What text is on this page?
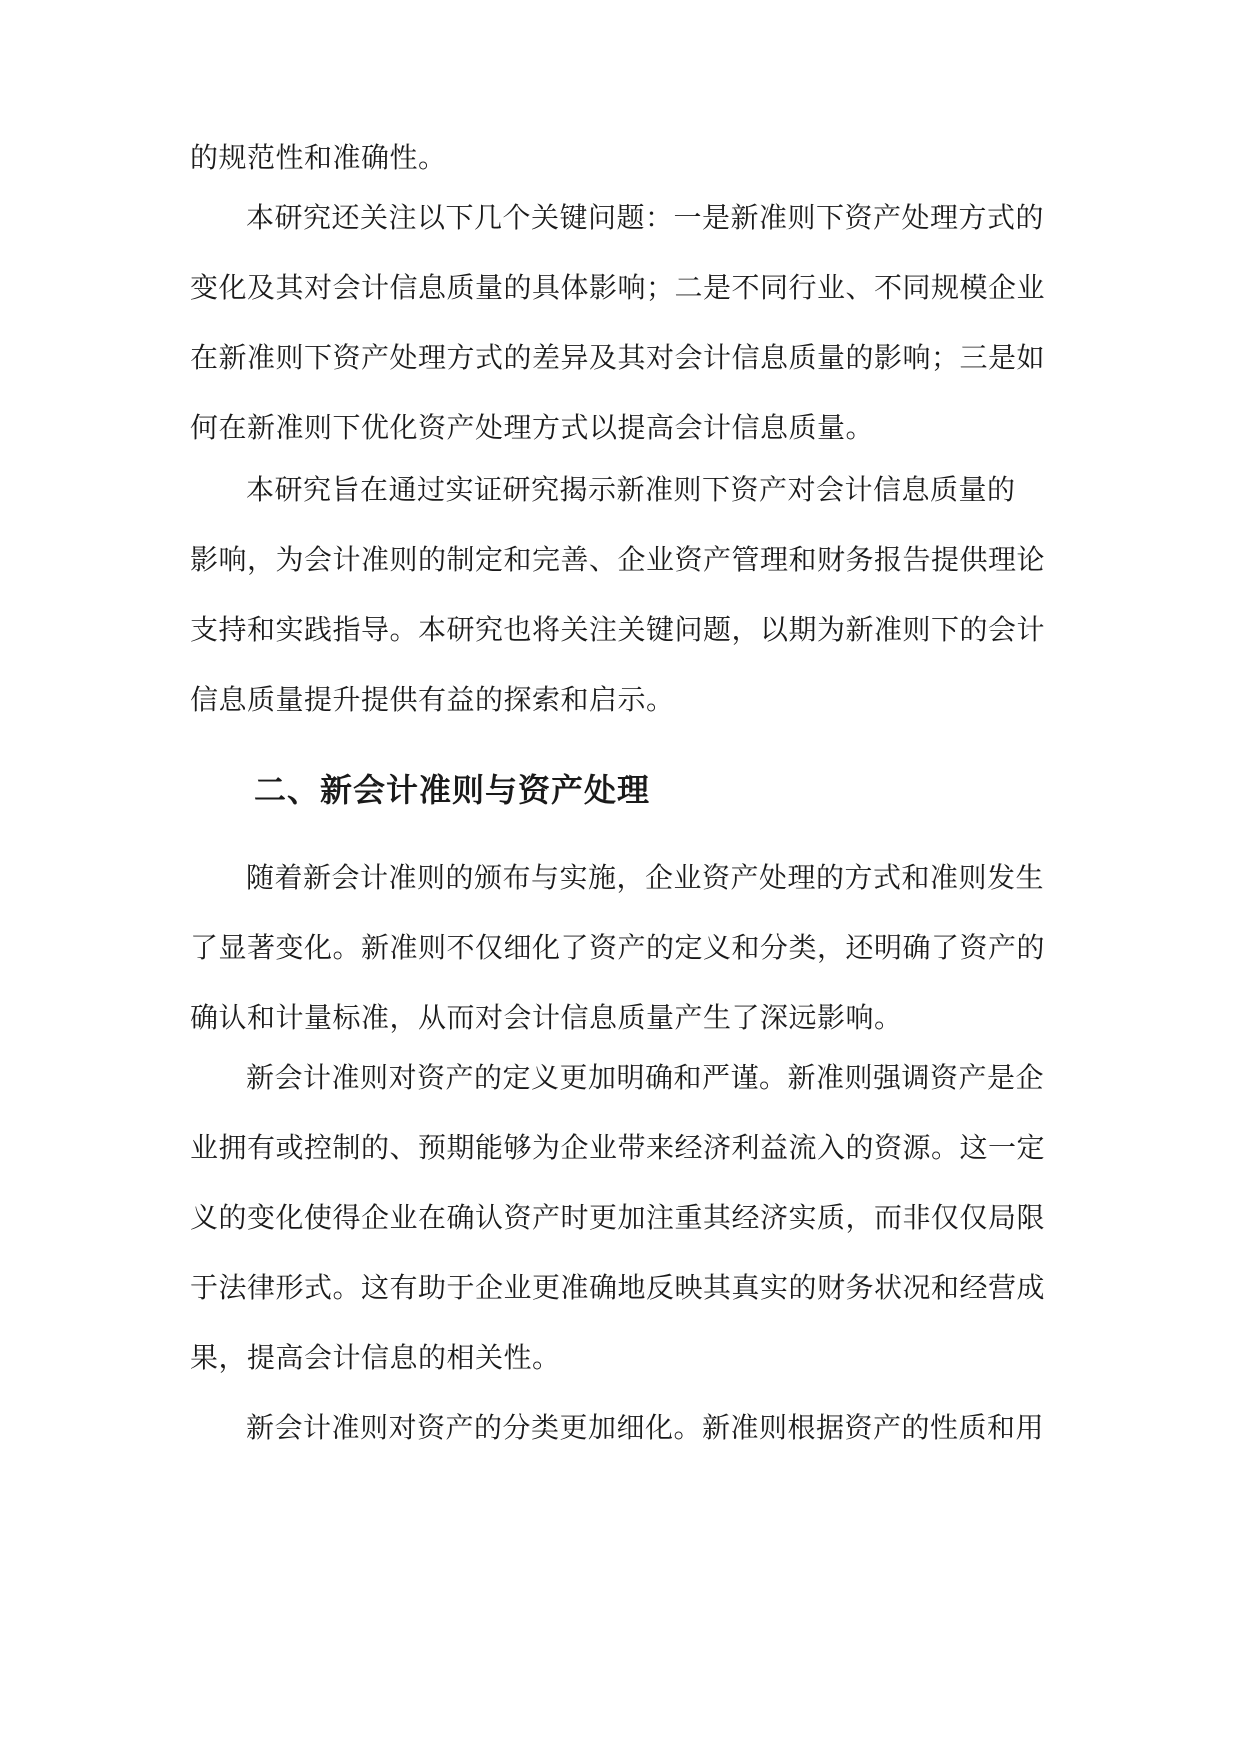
的规范性和准确性。
本研究还关注以下几个关键问题：一是新准则下资产处理方式的
变化及其对会计信息质量的具体影响；二是不同行业、不同规模企业
在新准则下资产处理方式的差异及其对会计信息质量的影响；三是如
何在新准则下优化资产处理方式以提高会计信息质量。
本研究旨在通过实证研究揭示新准则下资产对会计信息质量的
影响，为会计准则的制定和完善、企业资产管理和财务报告提供理论
支持和实践指导。本研究也将关注关键问题，以期为新准则下的会计
信息质量提升提供有益的探索和启示。
二、新会计准则与资产处理
随着新会计准则的颁布与实施，企业资产处理的方式和准则发生
了显著变化。新准则不仅细化了资产的定义和分类，还明确了资产的
确认和计量标准，从而对会计信息质量产生了深远影响。
新会计准则对资产的定义更加明确和严谨。新准则强调资产是企
业拥有或控制的、预期能够为企业带来经济利益流入的资源。这一定
义的变化使得企业在确认资产时更加注重其经济实质，而非仅仅局限
于法律形式。这有助于企业更准确地反映其真实的财务状况和经营成
果，提高会计信息的相关性。
新会计准则对资产的分类更加细化。新准则根据资产的性质和用
